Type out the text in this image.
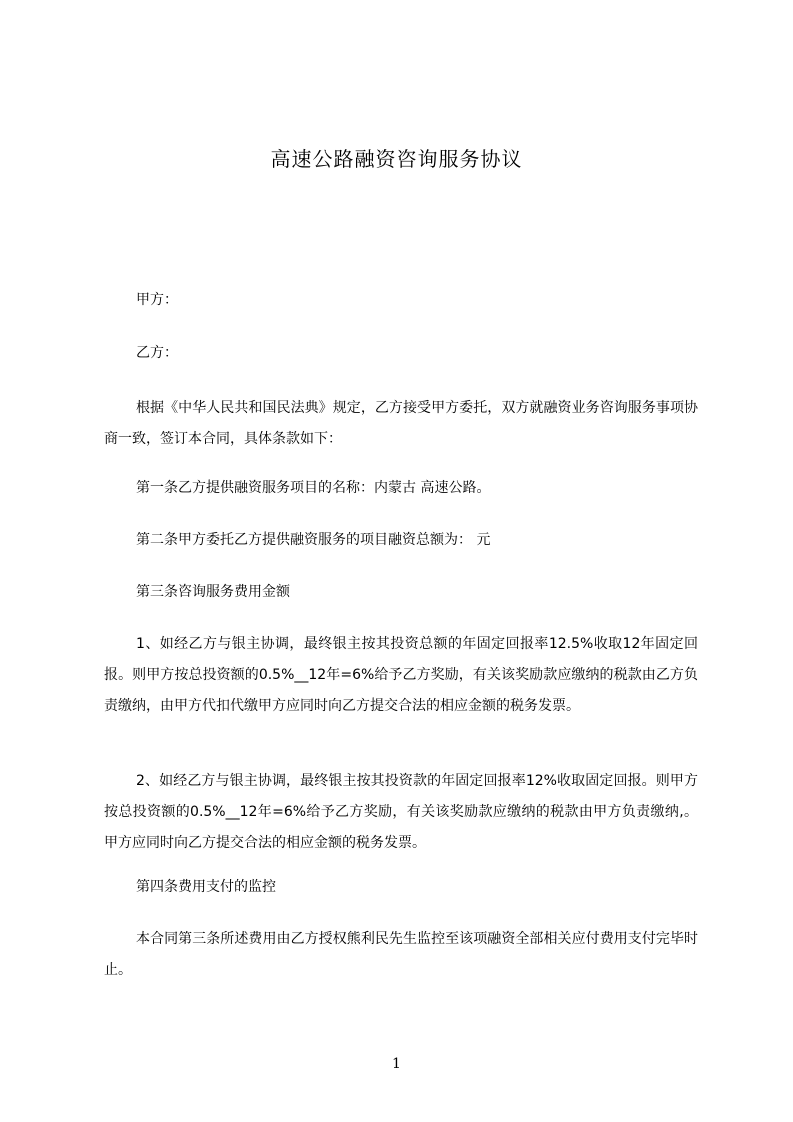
高速公路融资咨询服务协议
甲方：
乙方：
根据《中华人民共和国民法典》规定，乙方接受甲方委托，双方就融资业务咨询服务事项协商一致，签订本合同，具体条款如下：
第一条乙方提供融资服务项目的名称：内蒙古 高速公路。
第二条甲方委托乙方提供融资服务的项目融资总额为： 元
第三条咨询服务费用金额
1、如经乙方与银主协调，最终银主按其投资总额的年固定回报率12.5%收取12年固定回报。则甲方按总投资额的0.5%__12年=6%给予乙方奖励，有关该奖励款应缴纳的税款由乙方负责缴纳，由甲方代扣代缴甲方应同时向乙方提交合法的相应金额的税务发票。
2、如经乙方与银主协调，最终银主按其投资款的年固定回报率12%收取固定回报。则甲方按总投资额的0.5%__12年=6%给予乙方奖励，有关该奖励款应缴纳的税款由甲方负责缴纳,。甲方应同时向乙方提交合法的相应金额的税务发票。
第四条费用支付的监控
本合同第三条所述费用由乙方授权熊利民先生监控至该项融资全部相关应付费用支付完毕时止。
1
